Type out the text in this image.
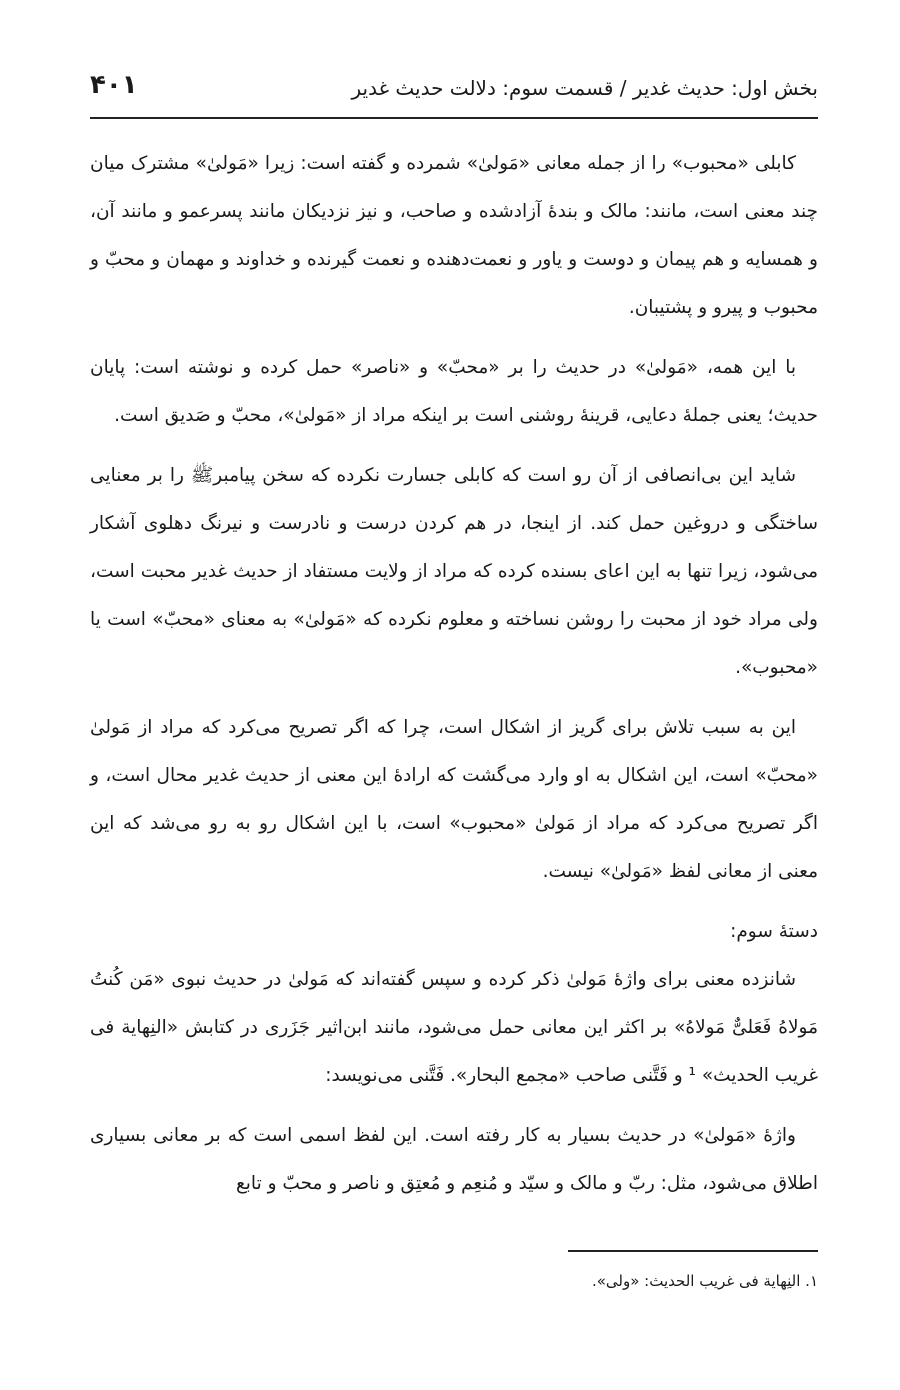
بخش اول: حدیث غدیر / قسمت سوم: دلالت حدیث غدیر
۴۰۱

کابلی «محبوب» را از جمله معانی «مَولیٰ» شمرده و گفته است: زیرا «مَولیٰ» مشترک میان چند معنی است، مانند: مالک و بندهٔ آزادشده و صاحب، و نیز نزدیکان مانند پسرعمو و مانند آن، و همسایه و هم پیمان و دوست و یاور و نعمت‌دهنده و نعمت گیرنده و خداوند و مهمان و محبّ و محبوب و پیرو و پشتیبان.

با این همه، «مَولیٰ» در حدیث را بر «محبّ» و «ناصر» حمل کرده و نوشته است: پایان حدیث؛ یعنی جملهٔ دعایی، قرینهٔ روشنی است بر اینکه مراد از «مَولیٰ»، محبّ و صَدیق است.

شاید این بی‌انصافی از آن رو است که کابلی جسارت نکرده که سخن پیامبرﷺ را بر معنایی ساختگی و دروغین حمل کند. از اینجا، در هم کردن درست و نادرست و نیرنگ دهلوی آشکار می‌شود، زیرا تنها به این اعای بسنده کرده که مراد از ولایت مستفاد از حدیث غدیر محبت است، ولی مراد خود از محبت را روشن نساخته و معلوم نکرده که «مَولیٰ» به معنای «محبّ» است یا «محبوب».

این به سبب تلاش برای گریز از اشکال است، چرا که اگر تصریح می‌کرد که مراد از مَولیٰ «محبّ» است، این اشکال به او وارد می‌گشت که ارادهٔ این معنی از حدیث غدیر محال است، و اگر تصریح می‌کرد که مراد از مَولیٰ «محبوب» است، با این اشکال رو به رو می‌شد که این معنی از معانی لفظ «مَولیٰ» نیست.

دستهٔ سوم:

شانزده معنی برای واژهٔ مَولیٰ ذکر کرده و سپس گفته‌اند که مَولیٰ در حدیث نبوی «مَن کُنتُ مَولاهُ فَعَلیٌّ مَولاهُ» بر اکثر این معانی حمل می‌شود، مانند ابن‌اثیر جَزَری در کتابش «النِهایة فی غریب الحدیث» ¹ و فَتَّنی صاحب «مجمع البحار». فَتَّنی می‌نویسد:

واژهٔ «مَولیٰ» در حدیث بسیار به کار رفته است. این لفظ اسمی است که بر معانی بسیاری اطلاق می‌شود، مثل: ربّ و مالک و سیّد و مُنعِم و مُعتِق و ناصر و محبّ و تابع

۱. النِهایة فی غریب الحدیث: «ولی».
